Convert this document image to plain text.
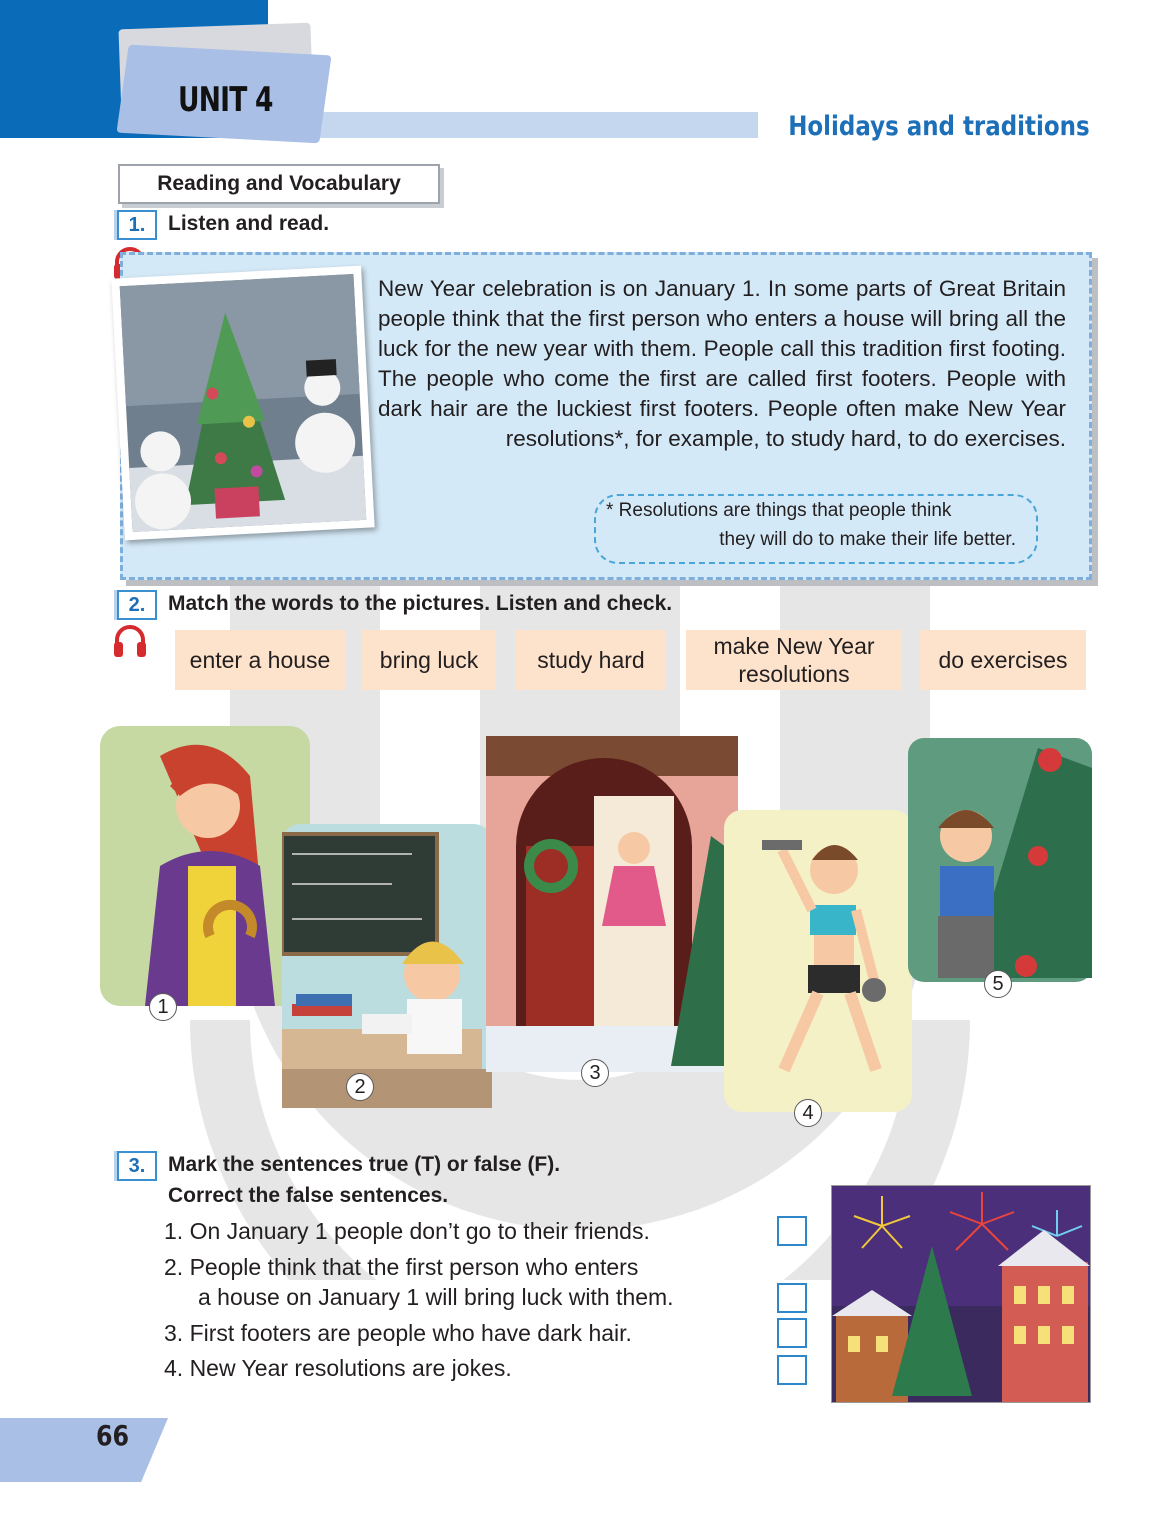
UNIT 4
Holidays and traditions
Reading and Vocabulary
1.	Listen and read.

New Year celebration is on January 1. In some parts of Great Britain people think that the first person who enters a house will bring all the luck for the new year with them. People call this tradition first footing. The people who come the first are called first footers. People with dark hair are the luckiest first footers. People often make New Year resolutions*, for example, to study hard, to do exercises.

* Resolutions are things that people think
they will do to make their life better.
2.	Match the words to the pictures. Listen and check.
enter a house	bring luck	study hard
make New Year resolutions
do exercises
1
2
3
4
5
3.	Mark the sentences true (T) or false (F).
Correct the false sentences.
1. On January 1 people don’t go to their friends.
2. People think that the first person who enters
a house on January 1 will bring luck with them.
3. First footers are people who have dark hair.
4. New Year resolutions are jokes.
66
